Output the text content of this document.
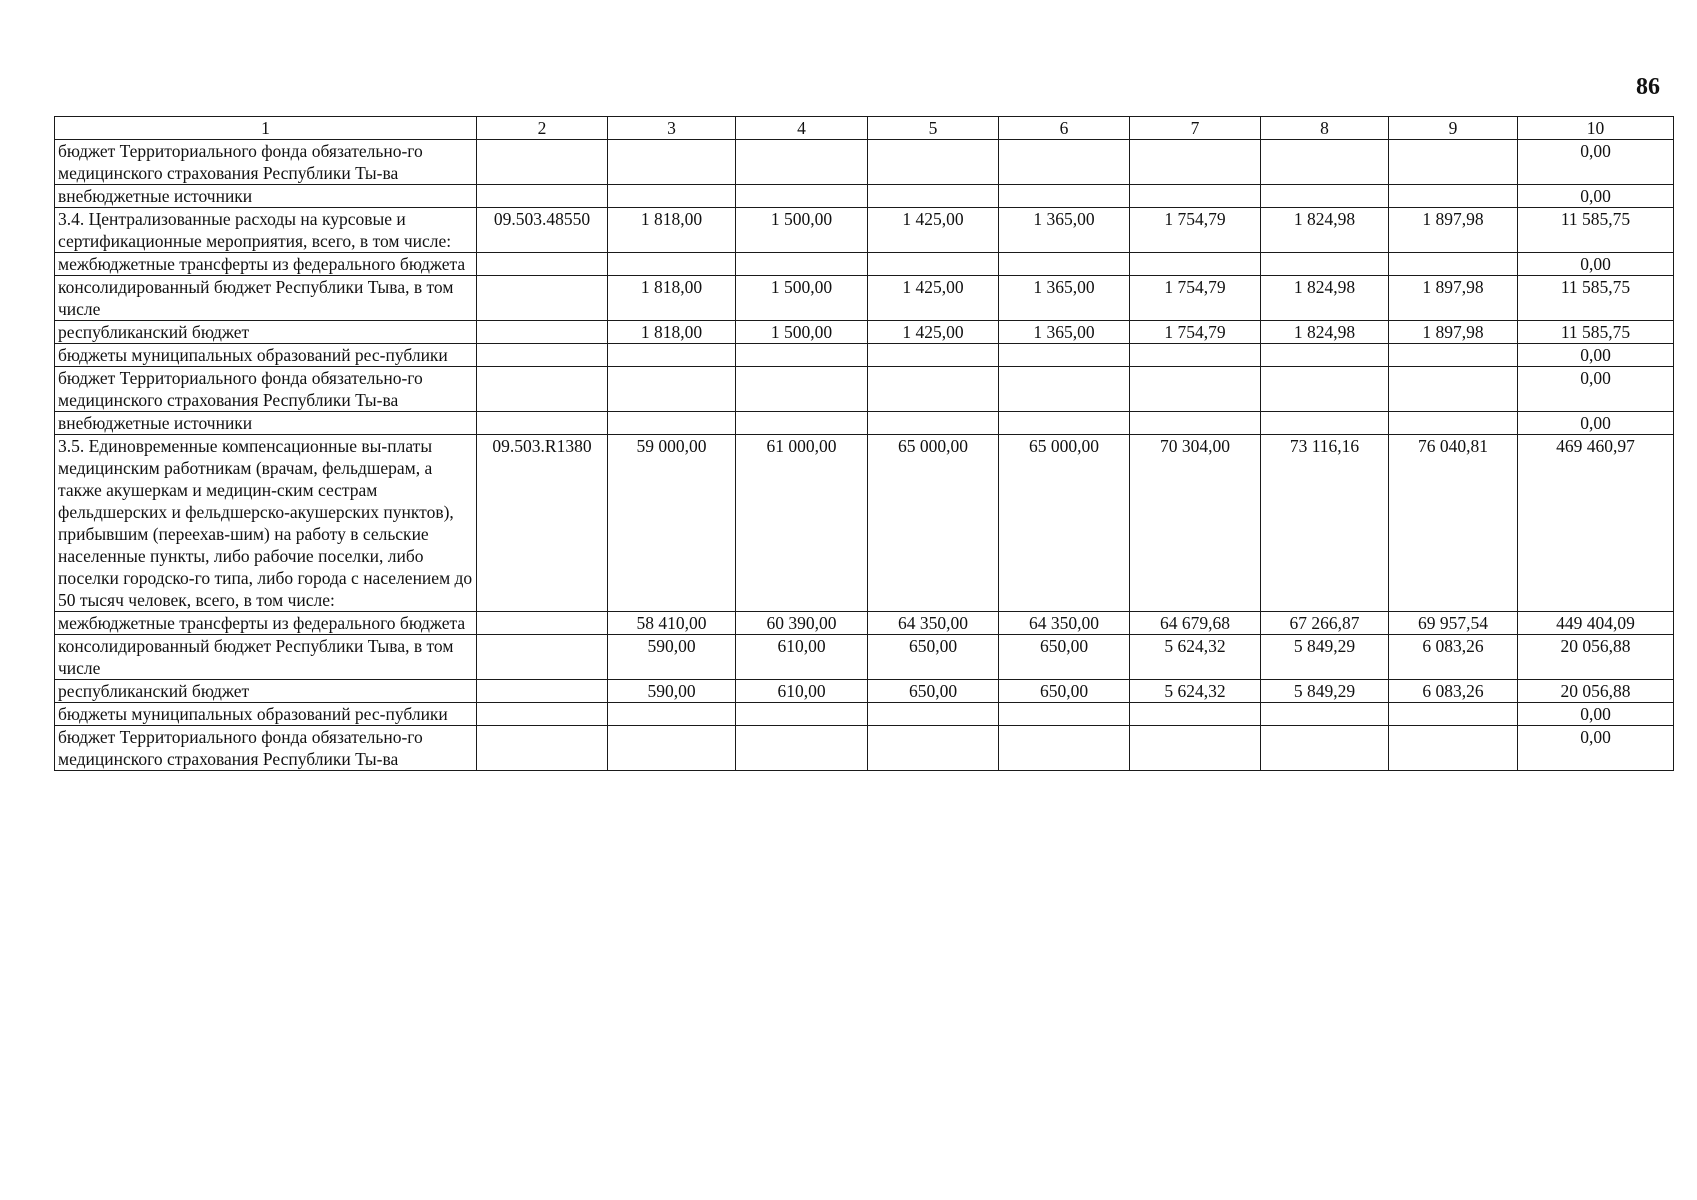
86
1	2	3	4	5	6	7	8	9	10
бюджет Территориального фонда обязательно-го медицинского страхования Республики Ты-ва									0,00
внебюджетные источники									0,00
3.4. Централизованные расходы на курсовые и сертификационные мероприятия, всего, в том числе:	09.503.48550	1 818,00	1 500,00	1 425,00	1 365,00	1 754,79	1 824,98	1 897,98	11 585,75
межбюджетные трансферты из федерального бюджета									0,00
консолидированный бюджет Республики Тыва, в том числе		1 818,00	1 500,00	1 425,00	1 365,00	1 754,79	1 824,98	1 897,98	11 585,75
республиканский бюджет		1 818,00	1 500,00	1 425,00	1 365,00	1 754,79	1 824,98	1 897,98	11 585,75
бюджеты муниципальных образований рес-публики									0,00
бюджет Территориального фонда обязательно-го медицинского страхования Республики Ты-ва									0,00
внебюджетные источники									0,00
3.5. Единовременные компенсационные вы-платы медицинским работникам (врачам, фельдшерам, а также акушеркам и медицин-ским сестрам фельдшерских и фельдшерско-акушерских пунктов), прибывшим (переехав-шим) на работу в сельские населенные пункты, либо рабочие поселки, либо поселки городско-го типа, либо города с населением до 50 тысяч человек, всего, в том числе:	09.503.R1380	59 000,00	61 000,00	65 000,00	65 000,00	70 304,00	73 116,16	76 040,81	469 460,97
межбюджетные трансферты из федерального бюджета		58 410,00	60 390,00	64 350,00	64 350,00	64 679,68	67 266,87	69 957,54	449 404,09
консолидированный бюджет Республики Тыва, в том числе		590,00	610,00	650,00	650,00	5 624,32	5 849,29	6 083,26	20 056,88
республиканский бюджет		590,00	610,00	650,00	650,00	5 624,32	5 849,29	6 083,26	20 056,88
бюджеты муниципальных образований рес-публики									0,00
бюджет Территориального фонда обязательно-го медицинского страхования Республики Ты-ва									0,00
